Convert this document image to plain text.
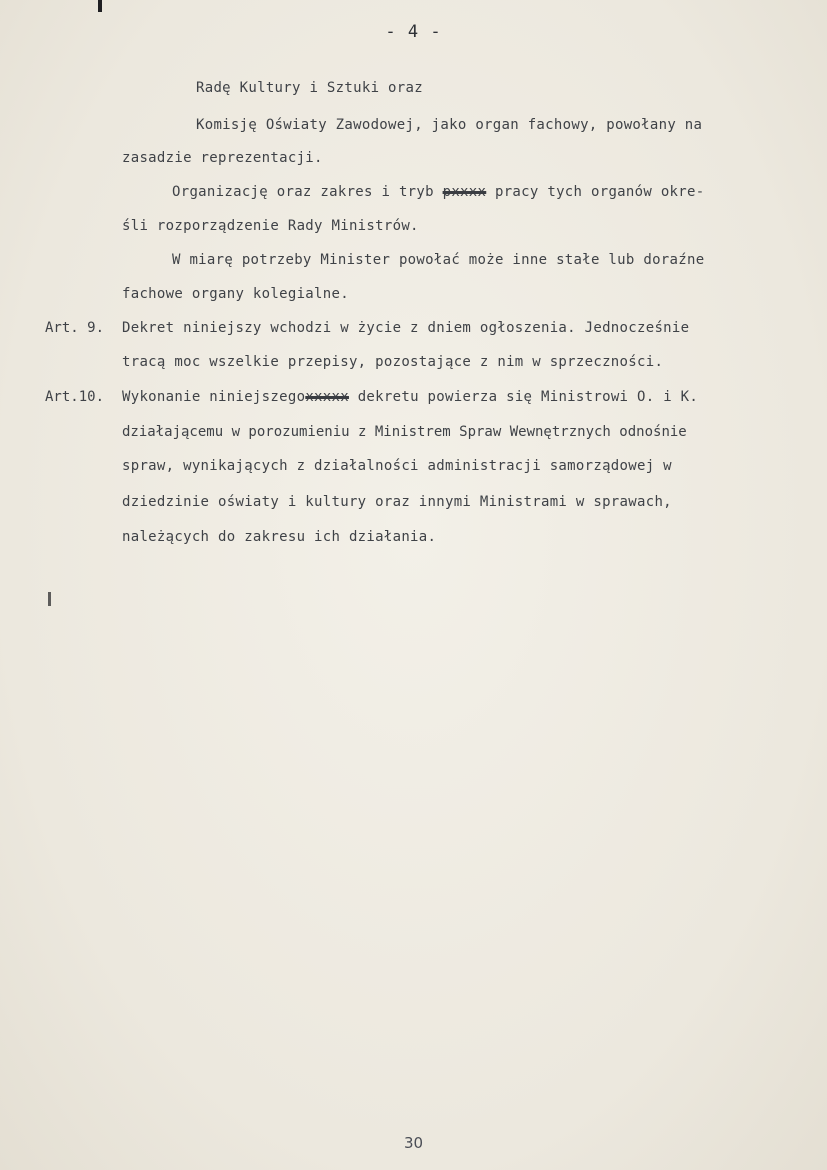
- 4 -
Radę Kultury i Sztuki oraz
Komisję Oświaty Zawodowej, jako organ fachowy, powołany na
zasadzie reprezentacji.
Organizację oraz zakres i tryb pxxxx pracy tych organów okre-
śli rozporządzenie Rady Ministrów.
W miarę potrzeby Minister powołać może inne stałe lub doraźne
fachowe organy kolegialne.
Art. 9. Dekret niniejszy wchodzi w życie z dniem ogłoszenia. Jednocześnie
tracą moc wszelkie przepisy, pozostające z nim w sprzeczności.
Art.10. Wykonanie niniejszegoxxxxx dekretu powierza się Ministrowi O. i K.
działającemu w porozumieniu z Ministrem Spraw Wewnętrznych odnośnie
spraw, wynikających z działalności administracji samorządowej w
dziedzinie oświaty i kultury oraz innymi Ministrami w sprawach,
należących do zakresu ich działania.
30
